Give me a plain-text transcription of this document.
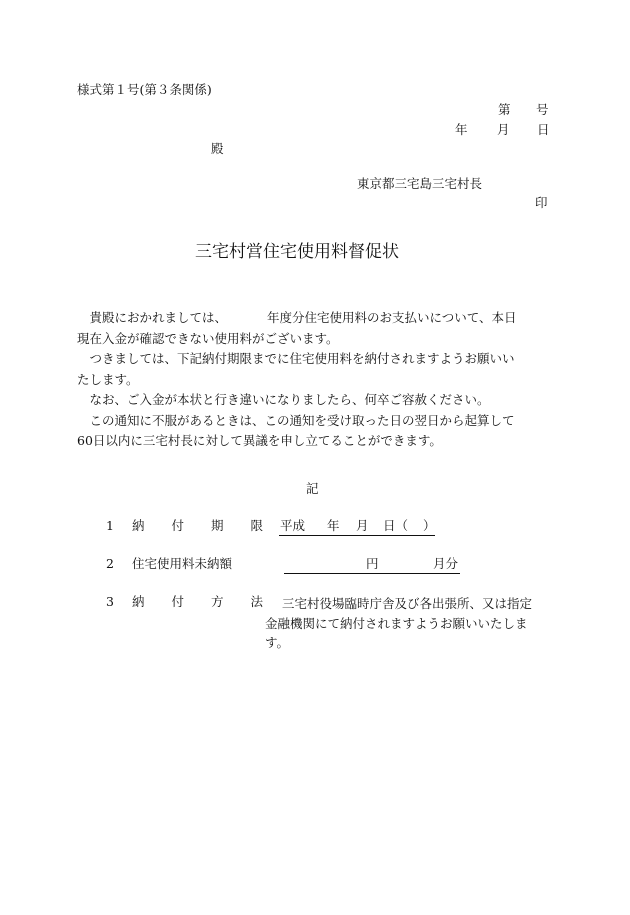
様式第１号(第３条関係)
第 号
年 月 日
殿
東京都三宅島三宅村長
印
三宅村営住宅使用料督促状

　貴殿におかれましては、	年度分住宅使用料のお支払いについて、本日

現在入金が確認できない使用料がございます。

　つきましては、下記納付期限までに住宅使用料を納付されますようお願いい

たします。

　なお、ご入金が本状と行き違いになりましたら、何卒ご容赦ください。

　この通知に不服があるときは、この通知を受け取った日の翌日から起算して

60日以内に三宅村長に対して異議を申し立てることができます。

記
1 納 付 期 限 平成 年 月 日（ ）
2 住宅使用料未納額	円	月分
3 納 付 方 法	三宅村役場臨時庁舎及び各出張所、又は指定
金融機関にて納付されますようお願いいたしま
す。
